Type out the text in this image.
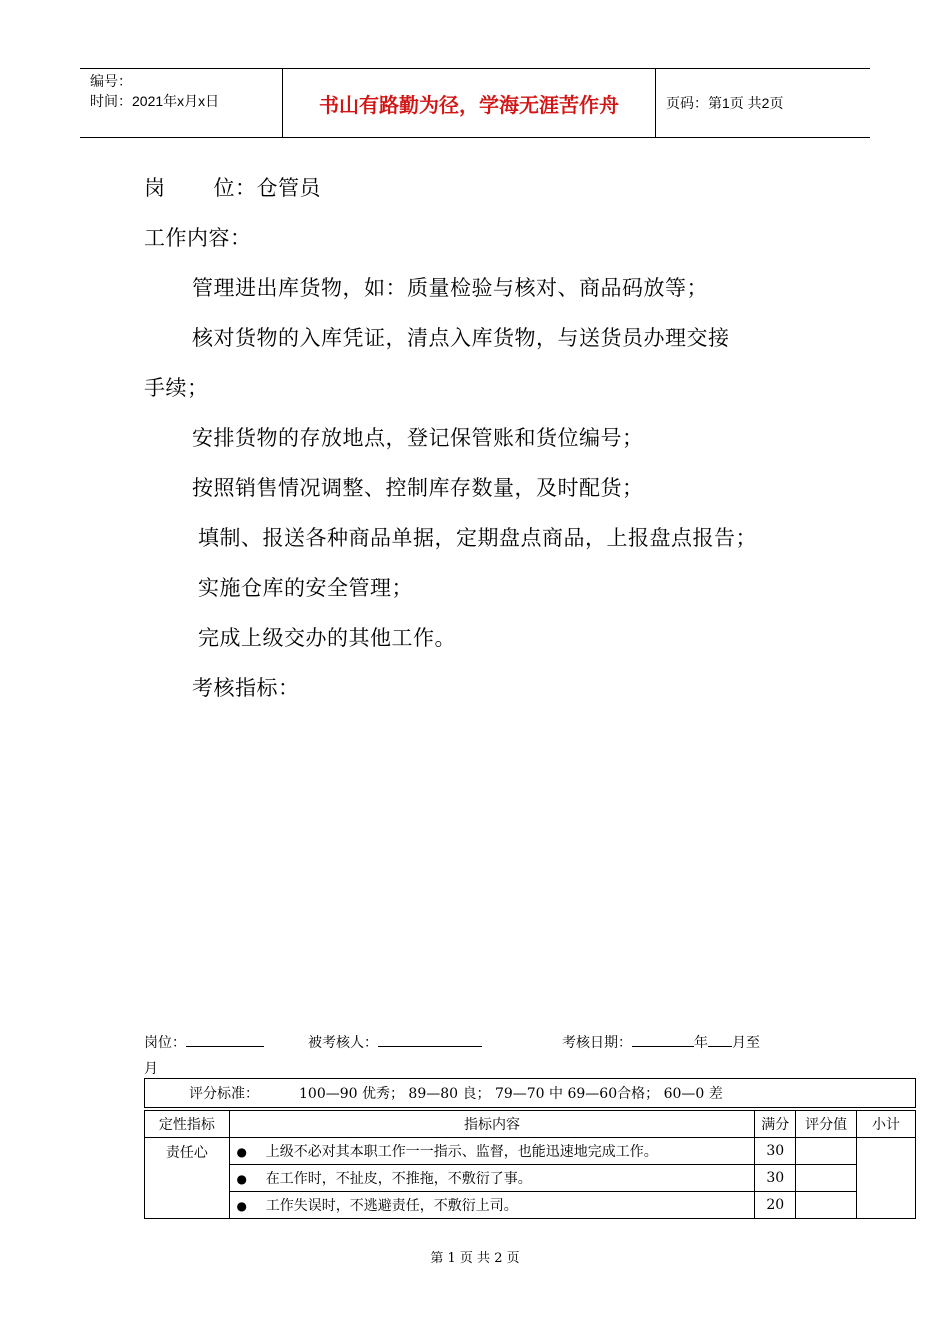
编号：
时间：2021年x月x日	书山有路勤为径，学海无涯苦作舟	页码：第1页 共2页
岗 位：仓管员
工作内容：
管理进出库货物，如：质量检验与核对、商品码放等；
核对货物的入库凭证，清点入库货物，与送货员办理交接
手续；
安排货物的存放地点，登记保管账和货位编号；
按照销售情况调整、控制库存数量，及时配货；
填制、报送各种商品单据，定期盘点商品，上报盘点报告；
实施仓库的安全管理；
完成上级交办的其他工作。
考核指标：
岗位：	被考核人：	考核日期：	年 月至
月
评分标准：	100—90 优秀； 89—80 良； 79—70 中 69—60合格； 60—0 差
定性指标	指标内容	满分	评分值	小计
责任心	● 上级不必对其本职工作一一指示、监督，也能迅速地完成工作。	30		
	● 在工作时，不扯皮，不推拖，不敷衍了事。	30		
	● 工作失误时，不逃避责任，不敷衍上司。	20		
第 1 页 共 2 页
